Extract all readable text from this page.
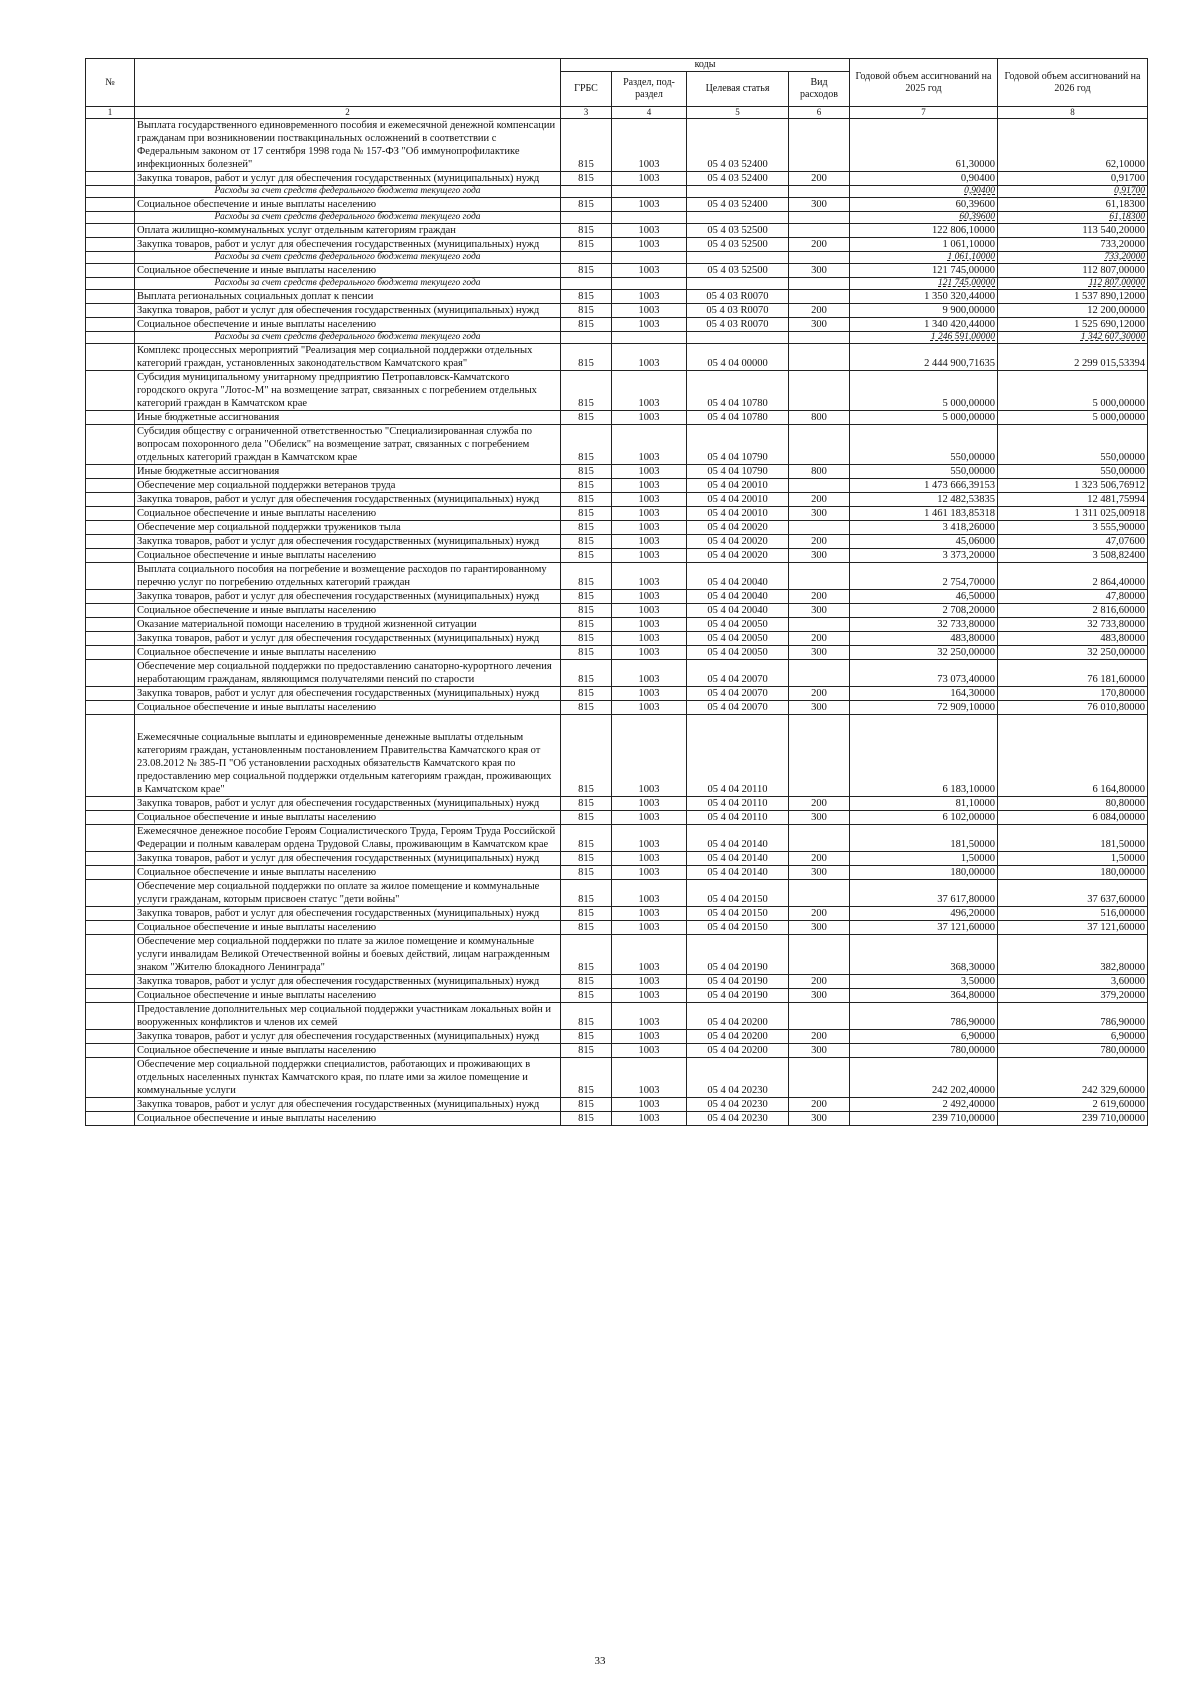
№		коды				Годовой объем ассигнований на 2025 год	Годовой объем ассигнований на 2026 год
		ГРБС	Раздел, под-раздел	Целевая статья	Вид расходов		
1	2	3	4	5	6	7	8
	Выплата государственного единовременного пособия и ежемесячной денежной компенсации гражданам при возникновении поствакцинальных осложнений в соответствии с Федеральным законом от 17 сентября 1998 года № 157-ФЗ "Об иммунопрофилактике инфекционных болезней"	815	1003	05 4 03 52400		61,30000	62,10000
	Закупка товаров, работ и услуг для обеспечения государственных (муниципальных) нужд	815	1003	05 4 03 52400	200	0,90400	0,91700
	Расходы за счет средств федерального бюджета текущего года					0,90400	0,91700
	Социальное обеспечение и иные выплаты населению	815	1003	05 4 03 52400	300	60,39600	61,18300
	Расходы за счет средств федерального бюджета текущего года					60,39600	61,18300
	Оплата жилищно-коммунальных услуг отдельным категориям граждан	815	1003	05 4 03 52500		122 806,10000	113 540,20000
	Закупка товаров, работ и услуг для обеспечения государственных (муниципальных) нужд	815	1003	05 4 03 52500	200	1 061,10000	733,20000
	Расходы за счет средств федерального бюджета текущего года					1 061,10000	733,20000
	Социальное обеспечение и иные выплаты населению	815	1003	05 4 03 52500	300	121 745,00000	112 807,00000
	Расходы за счет средств федерального бюджета текущего года					121 745,00000	112 807,00000
	Выплата региональных социальных доплат к пенсии	815	1003	05 4 03 R0070		1 350 320,44000	1 537 890,12000
	Закупка товаров, работ и услуг для обеспечения государственных (муниципальных) нужд	815	1003	05 4 03 R0070	200	9 900,00000	12 200,00000
	Социальное обеспечение и иные выплаты населению	815	1003	05 4 03 R0070	300	1 340 420,44000	1 525 690,12000
	Расходы за счет средств федерального бюджета текущего года					1 246 591,00000	1 342 607,30000
	Комплекс процессных мероприятий "Реализация мер социальной поддержки отдельных категорий граждан, установленных законодательством Камчатского края"	815	1003	05 4 04 00000		2 444 900,71635	2 299 015,53394
	Субсидия муниципальному унитарному предприятию Петропавловск-Камчатского городского округа "Лотос-М" на возмещение затрат, связанных с погребением отдельных категорий граждан в Камчатском крае	815	1003	05 4 04 10780		5 000,00000	5 000,00000
	Иные бюджетные ассигнования	815	1003	05 4 04 10780	800	5 000,00000	5 000,00000
	Субсидия обществу с ограниченной ответственностью "Специализированная служба по вопросам похоронного дела "Обелиск" на возмещение затрат, связанных с погребением отдельных категорий граждан в Камчатском крае	815	1003	05 4 04 10790		550,00000	550,00000
	Иные бюджетные ассигнования	815	1003	05 4 04 10790	800	550,00000	550,00000
	Обеспечение мер социальной поддержки ветеранов труда	815	1003	05 4 04 20010		1 473 666,39153	1 323 506,76912
	Закупка товаров, работ и услуг для обеспечения государственных (муниципальных) нужд	815	1003	05 4 04 20010	200	12 482,53835	12 481,75994
	Социальное обеспечение и иные выплаты населению	815	1003	05 4 04 20010	300	1 461 183,85318	1 311 025,00918
	Обеспечение мер социальной поддержки тружеников тыла	815	1003	05 4 04 20020		3 418,26000	3 555,90000
	Закупка товаров, работ и услуг для обеспечения государственных (муниципальных) нужд	815	1003	05 4 04 20020	200	45,06000	47,07600
	Социальное обеспечение и иные выплаты населению	815	1003	05 4 04 20020	300	3 373,20000	3 508,82400
	Выплата социального пособия на погребение и возмещение расходов по гарантированному перечню услуг по погребению отдельных категорий граждан	815	1003	05 4 04 20040		2 754,70000	2 864,40000
	Закупка товаров, работ и услуг для обеспечения государственных (муниципальных) нужд	815	1003	05 4 04 20040	200	46,50000	47,80000
	Социальное обеспечение и иные выплаты населению	815	1003	05 4 04 20040	300	2 708,20000	2 816,60000
	Оказание материальной помощи населению в трудной жизненной ситуации	815	1003	05 4 04 20050		32 733,80000	32 733,80000
	Закупка товаров, работ и услуг для обеспечения государственных (муниципальных) нужд	815	1003	05 4 04 20050	200	483,80000	483,80000
	Социальное обеспечение и иные выплаты населению	815	1003	05 4 04 20050	300	32 250,00000	32 250,00000
	Обеспечение мер социальной поддержки по предоставлению санаторно-курортного лечения неработающим гражданам, являющимся получателями пенсий по старости	815	1003	05 4 04 20070		73 073,40000	76 181,60000
	Закупка товаров, работ и услуг для обеспечения государственных (муниципальных) нужд	815	1003	05 4 04 20070	200	164,30000	170,80000
	Социальное обеспечение и иные выплаты населению	815	1003	05 4 04 20070	300	72 909,10000	76 010,80000
	Ежемесячные социальные выплаты и единовременные денежные выплаты отдельным категориям граждан, установленным постановлением Правительства Камчатского края от 23.08.2012 № 385-П "Об установлении расходных обязательств Камчатского края по предоставлению мер социальной поддержки отдельным категориям граждан, проживающих в Камчатском крае"	815	1003	05 4 04 20110		6 183,10000	6 164,80000
	Закупка товаров, работ и услуг для обеспечения государственных (муниципальных) нужд	815	1003	05 4 04 20110	200	81,10000	80,80000
	Социальное обеспечение и иные выплаты населению	815	1003	05 4 04 20110	300	6 102,00000	6 084,00000
	Ежемесячное денежное пособие Героям Социалистического Труда, Героям Труда Российской Федерации и полным кавалерам ордена Трудовой Славы, проживающим в Камчатском крае	815	1003	05 4 04 20140		181,50000	181,50000
	Закупка товаров, работ и услуг для обеспечения государственных (муниципальных) нужд	815	1003	05 4 04 20140	200	1,50000	1,50000
	Социальное обеспечение и иные выплаты населению	815	1003	05 4 04 20140	300	180,00000	180,00000
	Обеспечение мер социальной поддержки по оплате за жилое помещение и коммунальные услуги гражданам, которым присвоен статус "дети войны"	815	1003	05 4 04 20150		37 617,80000	37 637,60000
	Закупка товаров, работ и услуг для обеспечения государственных (муниципальных) нужд	815	1003	05 4 04 20150	200	496,20000	516,00000
	Социальное обеспечение и иные выплаты населению	815	1003	05 4 04 20150	300	37 121,60000	37 121,60000
	Обеспечение мер социальной поддержки по плате за жилое помещение и коммунальные услуги инвалидам Великой Отечественной войны и боевых действий, лицам награжденным знаком "Жителю блокадного Ленинграда"	815	1003	05 4 04 20190		368,30000	382,80000
	Закупка товаров, работ и услуг для обеспечения государственных (муниципальных) нужд	815	1003	05 4 04 20190	200	3,50000	3,60000
	Социальное обеспечение и иные выплаты населению	815	1003	05 4 04 20190	300	364,80000	379,20000
	Предоставление дополнительных мер социальной поддержки участникам локальных войн и вооруженных конфликтов и членов их семей	815	1003	05 4 04 20200		786,90000	786,90000
	Закупка товаров, работ и услуг для обеспечения государственных (муниципальных) нужд	815	1003	05 4 04 20200	200	6,90000	6,90000
	Социальное обеспечение и иные выплаты населению	815	1003	05 4 04 20200	300	780,00000	780,00000
	Обеспечение мер социальной поддержки специалистов, работающих и проживающих в отдельных населенных пунктах Камчатского края, по плате ими за жилое помещение и коммунальные услуги	815	1003	05 4 04 20230		242 202,40000	242 329,60000
	Закупка товаров, работ и услуг для обеспечения государственных (муниципальных) нужд	815	1003	05 4 04 20230	200	2 492,40000	2 619,60000
	Социальное обеспечение и иные выплаты населению	815	1003	05 4 04 20230	300	239 710,00000	239 710,00000
33
